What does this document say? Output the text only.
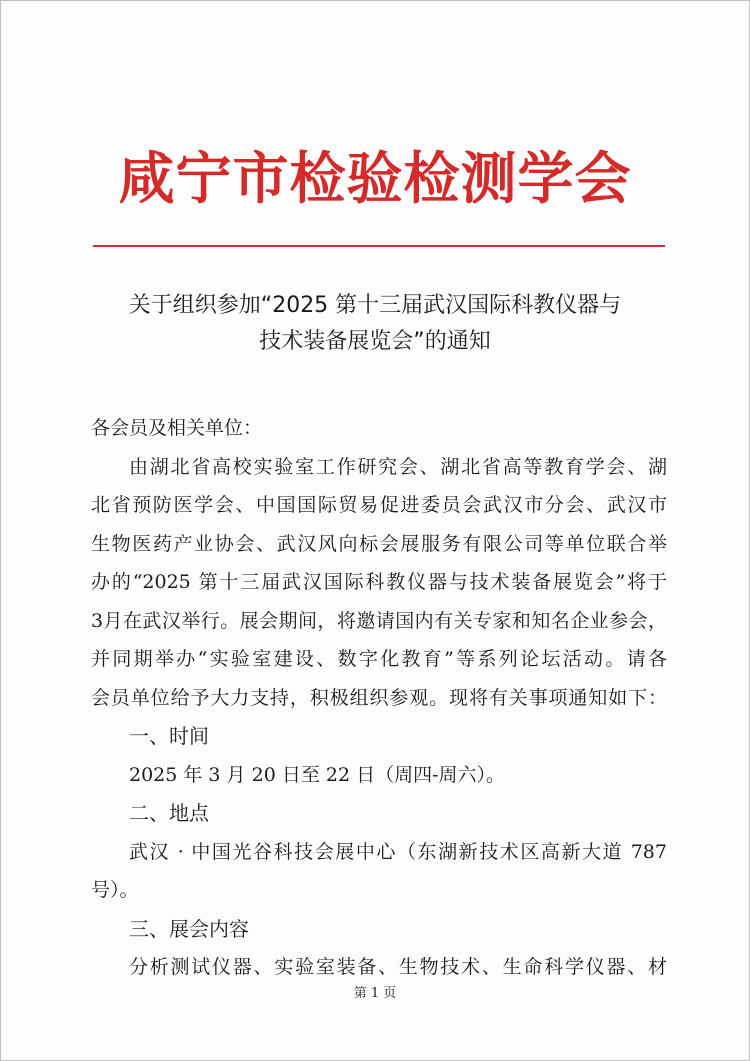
咸宁市检验检测学会
关于组织参加“2025 第十三届武汉国际科教仪器与
技术装备展览会”的通知
各会员及相关单位：
由湖北省高校实验室工作研究会、湖北省高等教育学会、湖
北省预防医学会、中国国际贸易促进委员会武汉市分会、武汉市
生物医药产业协会、武汉风向标会展服务有限公司等单位联合举
办的“2025 第十三届武汉国际科教仪器与技术装备展览会”将于
3月在武汉举行。展会期间，将邀请国内有关专家和知名企业参会，
并同期举办“实验室建设、数字化教育”等系列论坛活动。请各
会员单位给予大力支持，积极组织参观。现将有关事项通知如下：
一、时间
2025 年 3 月 20 日至 22 日（周四-周六）。
二、地点
武汉 · 中国光谷科技会展中心（东湖新技术区高新大道 787
号）。
三、展会内容
分析测试仪器、实验室装备、生物技术、生命科学仪器、材
第 1 页
